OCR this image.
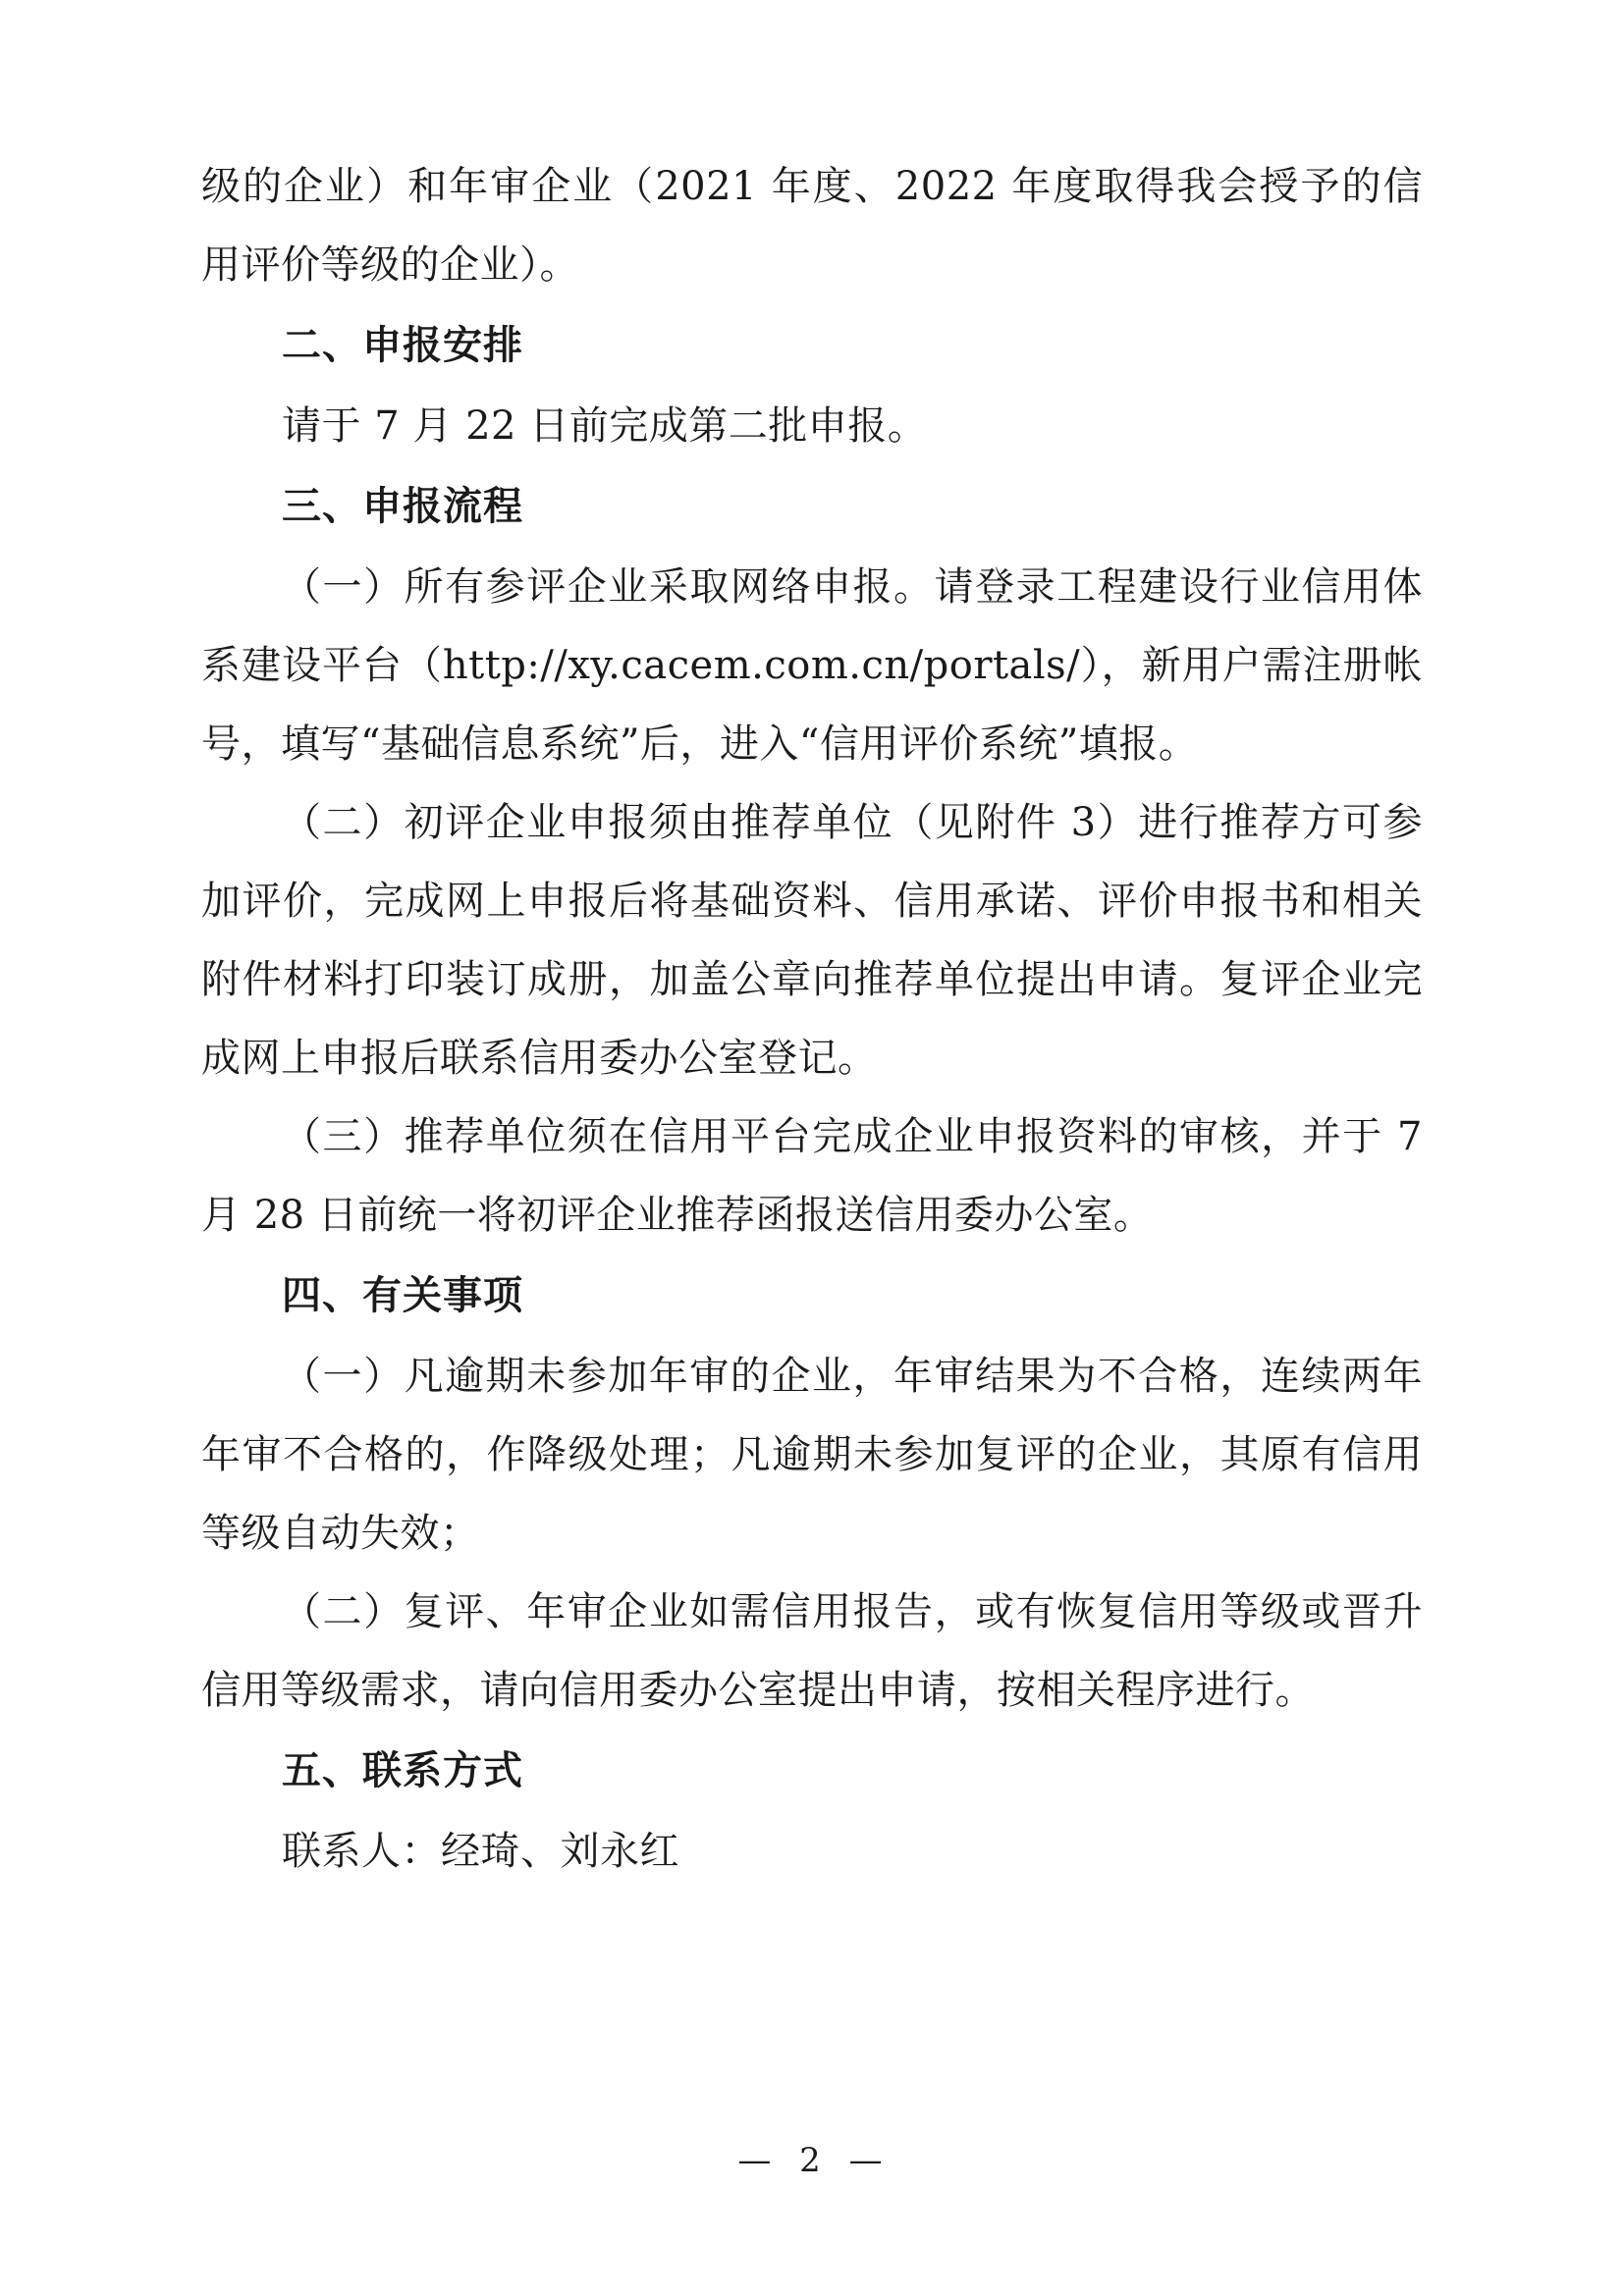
级的企业）和年审企业（2021 年度、2022 年度取得我会授予的信用评价等级的企业）。

二、申报安排

请于 7 月 22 日前完成第二批申报。

三、申报流程

（一）所有参评企业采取网络申报。请登录工程建设行业信用体系建设平台（http://xy.cacem.com.cn/portals/），新用户需注册帐号，填写“基础信息系统”后，进入“信用评价系统”填报。

（二）初评企业申报须由推荐单位（见附件 3）进行推荐方可参加评价，完成网上申报后将基础资料、信用承诺、评价申报书和相关附件材料打印装订成册，加盖公章向推荐单位提出申请。复评企业完成网上申报后联系信用委办公室登记。

（三）推荐单位须在信用平台完成企业申报资料的审核，并于 7 月 28 日前统一将初评企业推荐函报送信用委办公室。

四、有关事项

（一）凡逾期未参加年审的企业，年审结果为不合格，连续两年年审不合格的，作降级处理；凡逾期未参加复评的企业，其原有信用等级自动失效；

（二）复评、年审企业如需信用报告，或有恢复信用等级或晋升信用等级需求，请向信用委办公室提出申请，按相关程序进行。

五、联系方式

联系人：经琦、刘永红

— 2 —
